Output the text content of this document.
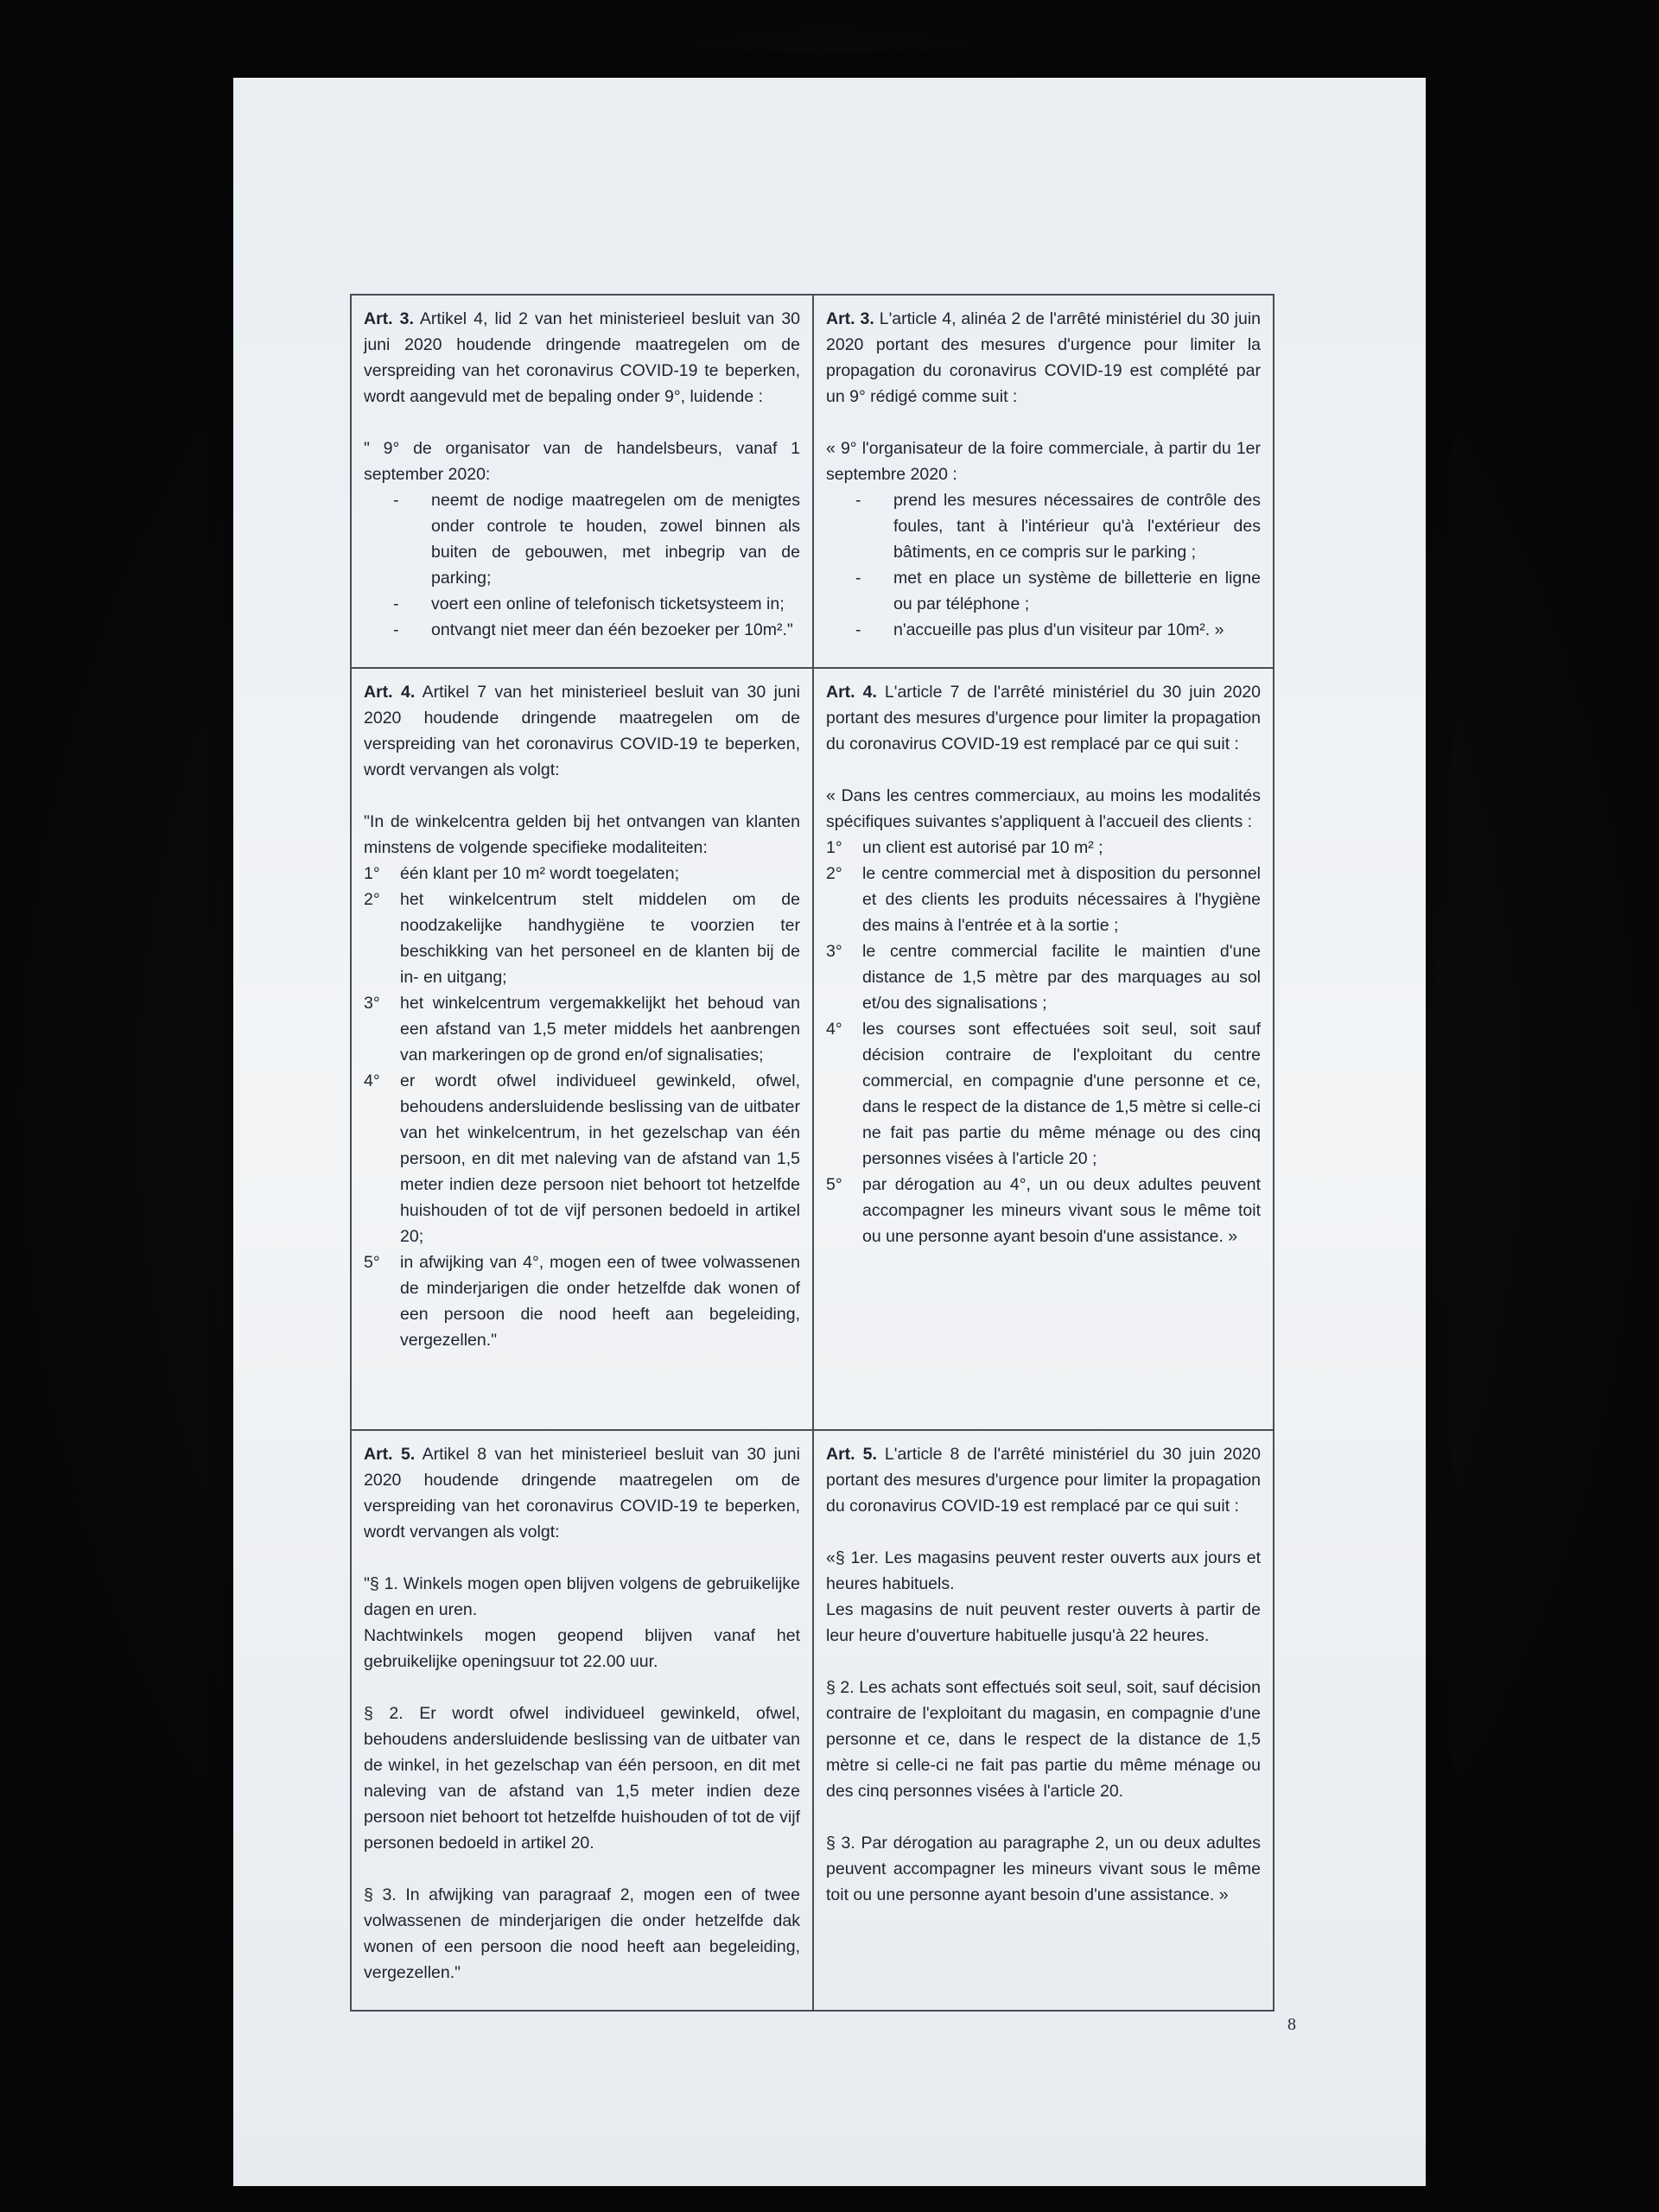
Art. 3. Artikel 4, lid 2 van het ministerieel besluit van 30 juni 2020 houdende dringende maatregelen om de verspreiding van het coronavirus COVID-19 te beperken, wordt aangevuld met de bepaling onder 9°, luidende :

" 9° de organisator van de handelsbeurs, vanaf 1 september 2020:

- neemt de nodige maatregelen om de menigtes onder controle te houden, zowel binnen als buiten de gebouwen, met inbegrip van de parking;
- voert een online of telefonisch ticketsysteem in;
- ontvangt niet meer dan één bezoeker per 10m²."

Art. 3. L'article 4, alinéa 2 de l'arrêté ministériel du 30 juin 2020 portant des mesures d'urgence pour limiter la propagation du coronavirus COVID-19 est complété par un 9° rédigé comme suit :

« 9° l'organisateur de la foire commerciale, à partir du 1er septembre 2020 :

- prend les mesures nécessaires de contrôle des foules, tant à l'intérieur qu'à l'extérieur des bâtiments, en ce compris sur le parking ;
- met en place un système de billetterie en ligne ou par téléphone ;
- n'accueille pas plus d'un visiteur par 10m². »

Art. 4. Artikel 7 van het ministerieel besluit van 30 juni 2020 houdende dringende maatregelen om de verspreiding van het coronavirus COVID-19 te beperken, wordt vervangen als volgt:

"In de winkelcentra gelden bij het ontvangen van klanten minstens de volgende specifieke modaliteiten:

1° één klant per 10 m² wordt toegelaten;
2° het winkelcentrum stelt middelen om de noodzakelijke handhygiëne te voorzien ter beschikking van het personeel en de klanten bij de in- en uitgang;
3° het winkelcentrum vergemakkelijkt het behoud van een afstand van 1,5 meter middels het aanbrengen van markeringen op de grond en/of signalisaties;
4° er wordt ofwel individueel gewinkeld, ofwel, behoudens andersluidende beslissing van de uitbater van het winkelcentrum, in het gezelschap van één persoon, en dit met naleving van de afstand van 1,5 meter indien deze persoon niet behoort tot hetzelfde huishouden of tot de vijf personen bedoeld in artikel 20;
5° in afwijking van 4°, mogen een of twee volwassenen de minderjarigen die onder hetzelfde dak wonen of een persoon die nood heeft aan begeleiding, vergezellen."

Art. 4. L'article 7 de l'arrêté ministériel du 30 juin 2020 portant des mesures d'urgence pour limiter la propagation du coronavirus COVID-19 est remplacé par ce qui suit :

« Dans les centres commerciaux, au moins les modalités spécifiques suivantes s'appliquent à l'accueil des clients :

1° un client est autorisé par 10 m² ;
2° le centre commercial met à disposition du personnel et des clients les produits nécessaires à l'hygiène des mains à l'entrée et à la sortie ;
3° le centre commercial facilite le maintien d'une distance de 1,5 mètre par des marquages au sol et/ou des signalisations ;
4° les courses sont effectuées soit seul, soit sauf décision contraire de l'exploitant du centre commercial, en compagnie d'une personne et ce, dans le respect de la distance de 1,5 mètre si celle-ci ne fait pas partie du même ménage ou des cinq personnes visées à l'article 20 ;
5° par dérogation au 4°, un ou deux adultes peuvent accompagner les mineurs vivant sous le même toit ou une personne ayant besoin d'une assistance. »

Art. 5. Artikel 8 van het ministerieel besluit van 30 juni 2020 houdende dringende maatregelen om de verspreiding van het coronavirus COVID-19 te beperken, wordt vervangen als volgt:

"§ 1. Winkels mogen open blijven volgens de gebruikelijke dagen en uren.

Nachtwinkels mogen geopend blijven vanaf het gebruikelijke openingsuur tot 22.00 uur.

§ 2. Er wordt ofwel individueel gewinkeld, ofwel, behoudens andersluidende beslissing van de uitbater van de winkel, in het gezelschap van één persoon, en dit met naleving van de afstand van 1,5 meter indien deze persoon niet behoort tot hetzelfde huishouden of tot de vijf personen bedoeld in artikel 20.

§ 3. In afwijking van paragraaf 2, mogen een of twee volwassenen de minderjarigen die onder hetzelfde dak wonen of een persoon die nood heeft aan begeleiding, vergezellen."

Art. 5. L'article 8 de l'arrêté ministériel du 30 juin 2020 portant des mesures d'urgence pour limiter la propagation du coronavirus COVID-19 est remplacé par ce qui suit :

«§ 1er. Les magasins peuvent rester ouverts aux jours et heures habituels.

Les magasins de nuit peuvent rester ouverts à partir de leur heure d'ouverture habituelle jusqu'à 22 heures.

§ 2. Les achats sont effectués soit seul, soit, sauf décision contraire de l'exploitant du magasin, en compagnie d'une personne et ce, dans le respect de la distance de 1,5 mètre si celle-ci ne fait pas partie du même ménage ou des cinq personnes visées à l'article 20.

§ 3. Par dérogation au paragraphe 2, un ou deux adultes peuvent accompagner les mineurs vivant sous le même toit ou une personne ayant besoin d'une assistance. »

8
